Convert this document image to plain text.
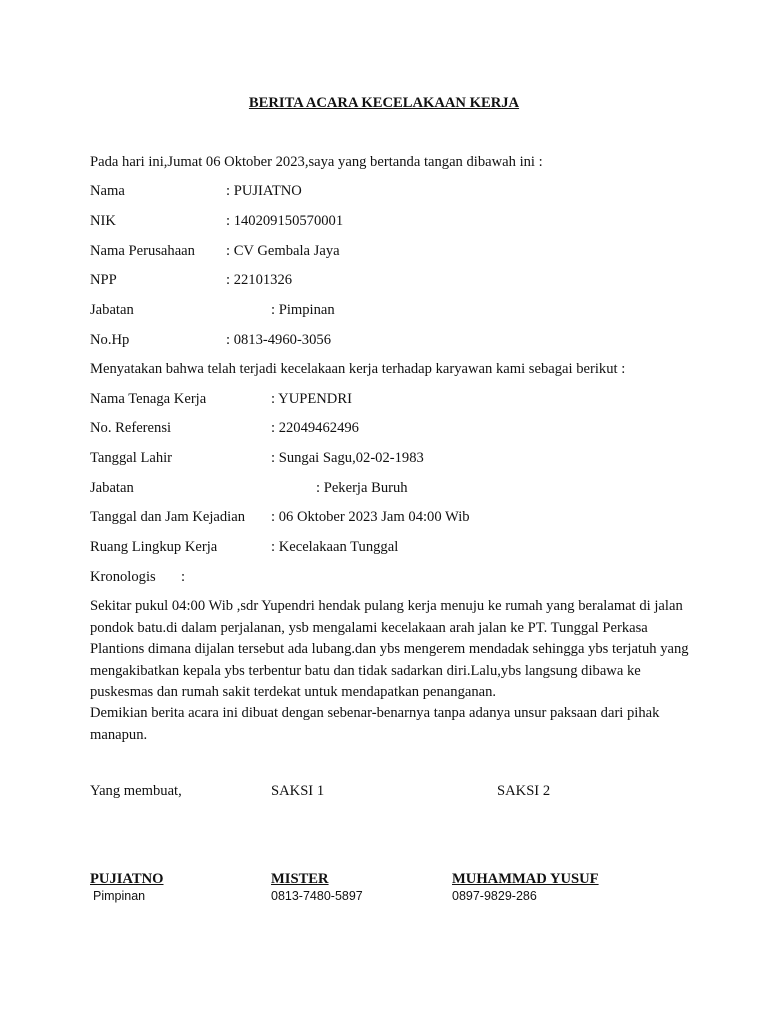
BERITA ACARA KECELAKAAN KERJA
Pada hari ini,Jumat 06 Oktober 2023,saya yang bertanda tangan dibawah ini :
Nama	: PUJIATNO
NIK	: 140209150570001
Nama Perusahaan : CV Gembala Jaya
NPP	: 22101326
Jabatan	: Pimpinan
No.Hp	: 0813-4960-3056
Menyatakan bahwa telah terjadi kecelakaan kerja terhadap karyawan kami sebagai berikut :
Nama Tenaga Kerja	: YUPENDRI
No. Referensi	: 22049462496
Tanggal Lahir	: Sungai Sagu,02-02-1983
Jabatan	: Pekerja Buruh
Tanggal dan Jam Kejadian : 06 Oktober 2023 Jam 04:00 Wib
Ruang Lingkup Kerja	: Kecelakaan Tunggal
Kronologis :
Sekitar pukul 04:00 Wib ,sdr Yupendri hendak pulang kerja menuju ke rumah yang beralamat di jalan pondok batu.di dalam perjalanan, ysb mengalami kecelakaan arah jalan ke PT. Tunggal Perkasa Plantions dimana dijalan tersebut ada lubang.dan ybs mengerem mendadak sehingga ybs terjatuh yang mengakibatkan kepala ybs terbentur batu dan tidak sadarkan diri.Lalu,ybs langsung dibawa ke puskesmas dan rumah sakit terdekat untuk mendapatkan penanganan.
Demikian berita acara ini dibuat dengan sebenar-benarnya tanpa adanya unsur paksaan dari pihak manapun.
Yang membuat,	SAKSI 1	SAKSI 2
PUJIATNO	MISTER	MUHAMMAD YUSUF
Pimpinan	0813-7480-5897	0897-9829-286
